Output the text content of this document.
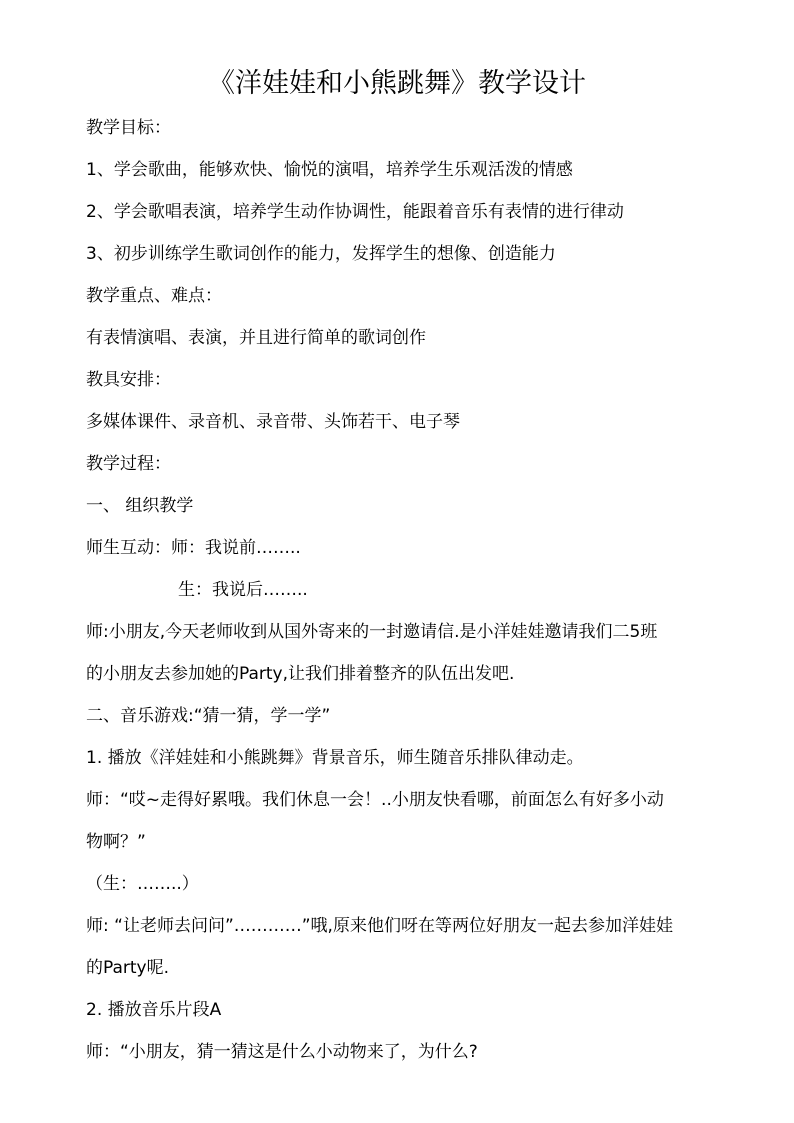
《洋娃娃和小熊跳舞》教学设计
教学目标：
1、学会歌曲，能够欢快、愉悦的演唱，培养学生乐观活泼的情感
2、学会歌唱表演，培养学生动作协调性，能跟着音乐有表情的进行律动
3、初步训练学生歌词创作的能力，发挥学生的想像、创造能力
教学重点、难点：
有表情演唱、表演，并且进行简单的歌词创作
教具安排：
多媒体课件、录音机、录音带、头饰若干、电子琴
教学过程：
一、 组织教学
师生互动：师：我说前……..
生：我说后……..
师:小朋友,今天老师收到从国外寄来的一封邀请信.是小洋娃娃邀请我们二5班
的小朋友去参加她的Party,让我们排着整齐的队伍出发吧.
二、音乐游戏:“猜一猜，学一学”
1. 播放《洋娃娃和小熊跳舞》背景音乐，师生随音乐排队律动走。
师：“哎~走得好累哦。我们休息一会！..小朋友快看哪，前面怎么有好多小动
物啊？”
（生：……..）
师: “让老师去问问”…………”哦,原来他们呀在等两位好朋友一起去参加洋娃娃
的Party呢.
2. 播放音乐片段A
师：“小朋友，猜一猜这是什么小动物来了，为什么?
